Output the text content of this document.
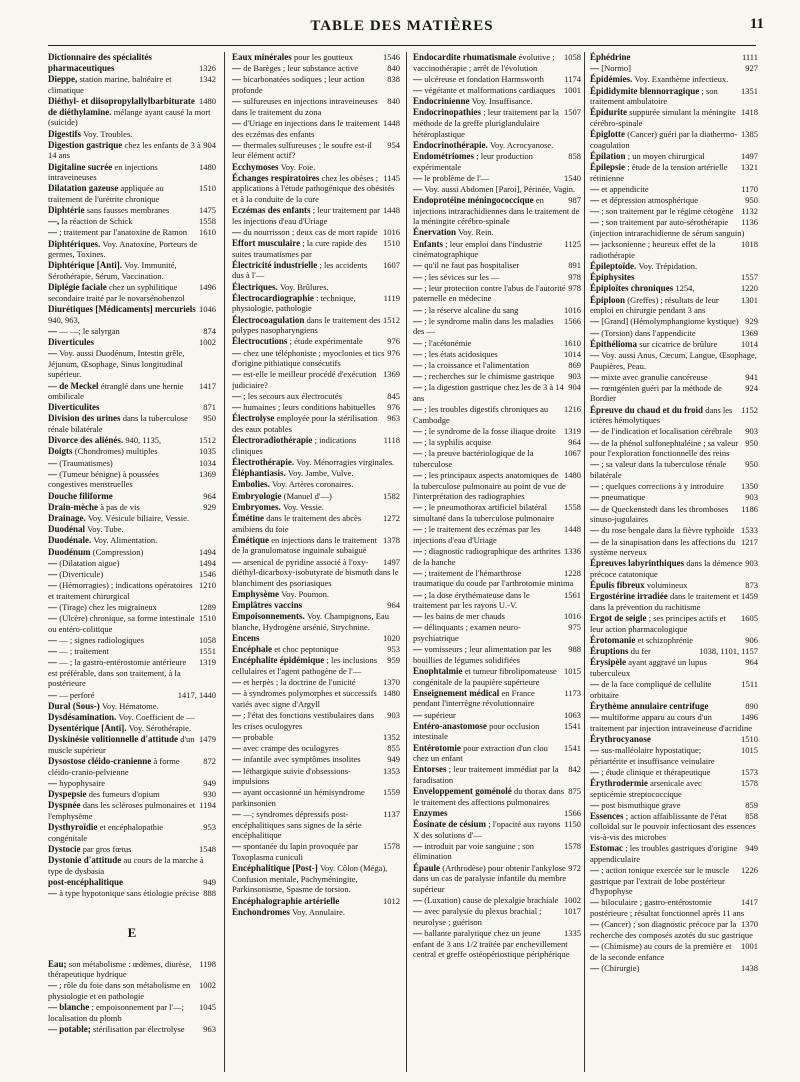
TABLE DES MATIÈRES	11
Dictionnaire des spécialités
1326
pharmaceutiques
1342
Dieppe, station marine, balnéaire et climatique
1480
Diéthyl- et diisopropylallylbarbiturate de diéthylamine. mélange ayant causé la mort (suicide)
Digestifs Voy. Troubles.
904
Digestion gastrique chez les enfants de 3 à 14 ans
1480
Digitaline sucrée en injections intraveineuses
1510
Dilatation gazeuse appliquée au traitement de l'urétrite chronique
1475
Diphtérie sans fausses membranes
1558
—, la réaction de Schick
1610
— ; traitement par l'anatoxine de Ramon
Diphtériques. Voy. Anatoxine, Porteurs de germes, Toxines.
Diphtérique [Anti]. Voy. Immunité, Sérothérapie, Sérum, Vaccination.
1496
Diplégie faciale chez un syphilitique secondaire traité par le novarsénobenzol
1046
Diurétiques [Médicaments] mercuriels 940, 963,
874
— — —; le salyrgan
1002
Diverticules
— Voy. aussi Duodénum, Intestin grêle, Jéjunum, Œsophage, Sinus longitudinal supérieur.
1417
— de Meckel étranglé dans une hernie ombilicale
871
Diverticulites
950
Division des urines dans la tuberculose rénale bilatérale
1512
Divorce des aliénés. 940, 1135,
1035
Doigts (Chondromes) multiples
1034
— (Traumatismes)
1369
— (Tumeur bénigne) à poussées congestives menstruelles
964
Douche filiforme
929
Drain-mèche à pas de vis
Drainage. Voy. Vésicule biliaire, Vessie.
Duodénal Voy. Tube.
Duodénale. Voy. Alimentation.
1494
Duodénum (Compression)
1494
— (Dilatation aigue)
1546
— (Diverticule)
1210
— (Hémorragies) ; indications opératoires et traitement chirurgical
1289
— (Tirage) chez les migraineux
1510
— (Ulcère) chronique, sa forme intestinale ou entéro-colitique
1058
— — ; signes radiologiques
1551
— — ; traitement
1319
— — ; la gastro-entérostomie antérieure est préférable, dans son traitement, à la postérieure
1417, 1440
— — perforé
Dural (Sous-) Voy. Hématome.
Dysdésamination. Voy. Coefficient de —
Dysentérique [Anti]. Voy. Sérothérapie.
1479
Dyskinésie volitionnelle d'attitude d'un muscle supérieur
872
Dysostose cléido-cranienne à forme cléido-cranio-pelvienne
949
— hypophysaire
930
Dyspepsie des fumeurs d'opium
1194
Dyspnée dans les scléroses pulmonaires et l'emphysème
953
Dysthyroïdie et encéphalopathie congénitale
1548
Dystocie par gros fœtus
Dystonie d'attitude au cours de la marche à type de dysbasia
949
post-encéphalitique
888
— à type hypotonique sans étiologie précise
E
1198
Eau; son métabolisme : œdèmes, diurèse, thérapeutique hydrique
1002
— ; rôle du foie dans son métabolisme en physiologie et en pathologie
1045
— blanche ; empoisonnement par l'—; localisation du plomb
963
— potable; stérilisation par électrolyse
1546
Eaux minérales pour les goutteux
840
— de Barèges ; leur substance active
838
— bicarbonatées sodiques ; leur action profonde
840
— sulfureuses en injections intraveineuses dans le traitement du zona
1448
— d'Uriage en injections dans le traitement des eczémas des enfants
954
— thermales sulfureuses ; le soufre est-il leur élément actif?
Ecchymoses Voy. Foie.
1145
Échanges respiratoires chez les obèses ; applications à l'étude pathogénique des obésités et à la conduite de la cure
1448
Eczémas des enfants ; leur traitement par les injections d'eau d'Uriage
1016
— du nourrisson ; deux cas de mort rapide
1510
Effort musculaire ; la cure rapide des suites traumatismes par
1607
Électricité industrielle ; les accidents dus à l'—
Électriques. Voy. Brûlures.
1119
Électrocardiographie : technique, physiologie, pathologie
1512
Électrocoagulation dans le traitement des polypes nasopharyngiens
976
Électrocutions ; étude expérimentale
976
— chez une téléphoniste ; myoclonies et tics d'origine pithiatique consécutifs
1369
— est-elle le meilleur procédé d'exécution judiciaire?
845
— ; les secours aux électrocutés
976
— humaines ; leurs conditions habituelles
963
Électrolyse employée pour la stérilisation des eaux potables
1118
Électroradiothérapie ; indications cliniques
Électrothérapie. Voy. Ménorragies virginales.
Éléphantiasis. Voy. Jambe, Vulve.
Embolies. Voy. Artères coronaires.
1582
Embryologie (Manuel d'—)
Embryomes. Voy. Vessie.
1272
Émétine dans le traitement des abcès amibiens du foie
1378
Émétique en injections dans le traitement de la granulomatose inguinale subaiguë
1497
— arsenical de pyridine associé à l'oxy-diéthyl-dicarboxy-isobutyrate de bismuth dans le blanchiment des psoriasiques
Emphysème Voy. Poumon.
964
Emplâtres vaccins
Empoisonnements. Voy. Champignons, Eau blanche, Hydrogène arsénié, Strychnine.
1020
Encens
953
Encéphale et choc peptonique
959
Encéphalite épidémique ; les inclusions cellulaires et l'agent pathogène de l'—
1370
— et herpès ; la doctrine de l'unicité
1480
— à syndromes polymorphes et successifs variés avec signe d'Argyll
903
— ; l'état des fonctions vestibulaires dans les crises oculogyres
1352
— probable
855
— avec crampe des oculogyres
949
— infantile avec symptômes insolites
1353
— léthargique suivie d'obsessions-impulsions
1559
— ayant occasionné un hémisyndrome parkinsonien
1137
— —; syndromes dépressifs post-encéphalitiques sans signes de la série encéphalitique
1578
— spontanée du lapin provoquée par Toxoplasma cuniculi
Encéphalitique [Post-] Voy. Côlon (Méga), Confusion mentale, Pachyméningite, Parkinsonisme, Spasme de torsion.
1012
Encéphalographie artérielle
Enchondromes Voy. Annulaire.
1058
Endocardite rhumatismale évolutive ; vaccinothérapie ; arrêt de l'évolution
1174
— ulcéreuse et fondation Harmsworth
1001
— végétante et malformations cardiaques
Endocrinienne Voy. Insuffisance.
1507
Endocrinopathies ; leur traitement par la méthode de la greffe pluriglandulaire hétéroplastique
Endocrinothérapie. Voy. Acrocyanose.
858
Endométriomes ; leur production expérimentale
1540
— le problème de l'—
— Voy. aussi Abdomen [Paroi], Périnée, Vagin.
987
Endoprotéine méningococcique en injections intrarachidiennes dans le traitement de la méningite cérébro-spinale
Énervation Voy. Rein.
1125
Enfants ; leur emploi dans l'industrie cinématographique
891
— qu'il ne faut pas hospitaliser
978
— ; les sévices sur les —
978
— ; leur protection contre l'abus de l'autorité paternelle en médecine
1016
— ; la réserve alcaline du sang
1566
— ; le syndrome malin dans les maladies des —
1610
— ; l'acétonémie
1014
— ; les états acidosiques
869
— ; la croissance et l'alimentation
903
— ; recherches sur le chimisme gastrique
904
— ; la digestion gastrique chez les de 3 à 14 ans
1216
— ; les troubles digestifs chroniques au Cambodge
1319
— ; le syndrome de la fosse iliaque droite
964
— ; la syphilis acquise
1067
— ; la preuve bactériologique de la tuberculose
1480
— ; les principaux aspects anatomiques de la tuberculose pulmonaire au point de vue de l'interprétation des radiographies
1558
— ; le pneumothorax artificiel bilatéral simultané dans la tuberculose pulmonaire
1448
— ; le traitement des eczémas par les injections d'eau d'Uriage
1336
— ; diagnostic radiographique des arthrites de la hanche
1228
— ; traitement de l'hémarthrose traumatique du coude par l'arthrotomie minima
1561
— ; la dose érythémateuse dans le traitement par les rayons U.-V.
1016
— les bains de mer chauds
975
— délinquants ; examen neuro-psychiatrique
988
— vomisseurs ; leur alimentation par les bouillies de légumes solidifiées
1015
Enophtalmie et tumeur fibrolipomateuse congénitale de la paupière supérieure
1173
Enseignement médical en France pendant l'interrègne révolutionnaire
1063
— supérieur
1541
Entéro-anastomose pour occlusion intestinale
1541
Entérotomie pour extraction d'un clou chez un enfant
842
Entorses ; leur traitement immédiat par la faradisation
875
Enveloppement goménolé du thorax dans le traitement des affections pulmonaires
1566
Enzymes
1150
Éosinate de césium ; l'opacité aux rayons X des solutions d'—
1578
— introduit par voie sanguine ; son élimination
972
Épaule (Arthrodèse) pour obtenir l'ankylose dans un cas de paralysie infantile du membre supérieur
1002
— (Luxation) cause de plexalgie brachiale
1017
— avec paralysie du plexus brachial ; neurolyse ; guérison
1335
— ballante paralytique chez un jeune enfant de 3 ans 1/2 traitée par enchevillement central et greffe ostéopériostique périphérique
1111
Éphédrine
927
— [Normo]
Épidémies. Voy. Exanthème infectieux.
1351
Épididymite blennorragique ; son traitement ambulatoire
1418
Épidurite suppurée simulant la méningite cérébro-spinale
1385
Épiglotte (Cancer) guéri par la diathermo-coagulation
1497
Épilation ; un moyen chirurgical
1321
Épilepsie ; étude de la tension artérielle rétinienne
1170
— et appendicite
950
— et dépression atmosphérique
1132
— ; son traitement par le régime cétogène
1136
— ; son traitement par auto-sérothérapie (injection intrarachidienne de sérum sanguin)
1018
— jacksonienne ; heureux effet de la radiothérapie
Épileptoïde. Voy. Trépidation.
1557
Épiphysites
1220
Épiploïtes chroniques 1254,
1301
Épiploon (Greffes) ; résultats de leur emploi en chirurgie pendant 3 ans
929
— [Grand] (Hémolymphangiome kystique)
1369
— (Torsion) dans l'appendicite
1014
Épithélioma sur cicatrice de brûlure
— Voy. aussi Anus, Cæcum, Langue, Œsophage, Paupières, Peau.
941
— mixte avec granulie cancéreuse
924
— rœntgénien guéri par la méthode de Bordier
1152
Épreuve du chaud et du froid dans les ictères hémolytiques
903
— de l'indication et localisation cérébrale
950
— de la phénol sulfonephtaléine ; sa valeur pour l'exploration fonctionnelle des reins
950
— ; sa valeur dans la tuberculose rénale bilatérale
1350
— ; quelques corrections à y introduire
903
— pneumatique
1186
— de Queckenstedt dans les thromboses sinuso-jugulaires
1533
— du rose bengale dans la fièvre typhoïde
1217
— de la sinapisation dans les affections du système nerveux
903
Épreuves labyrinthiques dans la démence précoce catatonique
873
Épulis fibreux volumineux
1459
Ergostérine irradiée dans le traitement et dans la prévention du rachitisme
1605
Ergot de seigle ; ses principes actifs et leur action pharmacologique
906
Érotomanie et schizophrénie
1038, 1101, 1157
Éruptions du fer
964
Érysipèle ayant aggravé un lupus tuberculeux
1511
— de la face compliqué de cellulite orbitaire
890
Érythème annulaire centrifuge
1496
— multiforme apparu au cours d'un traitement par injection intraveineuse d'acridine
1510
Érythrocyanose
1015
— sus-malléolaire hypostatique; périartérite et insuffisance veinulaire
1573
— ; étude clinique et thérapeutique
1578
Érythrodermie arsenicale avec septicémie streptococcique
859
— post bismuthique grave
858
Essences ; action affaiblissante de l'état colloïdal sur le pouvoir infectiosant des essences vis-à-vis des microbes
949
Estomac ; les troubles gastriques d'origine appendiculaire
1226
— ; action tonique exercée sur le muscle gastrique par l'extrait de lobe postérieur d'hypophyse
1417
— biloculaire ; gastro-entérostomie postérieure ; résultat fonctionnel après 11 ans
1370
— (Cancer) ; son diagnostic précoce par la recherche des composés azotés du suc gastrique
1001
— (Chimisme) au cours de la première et de la seconde enfance
1438
— (Chirurgie)
